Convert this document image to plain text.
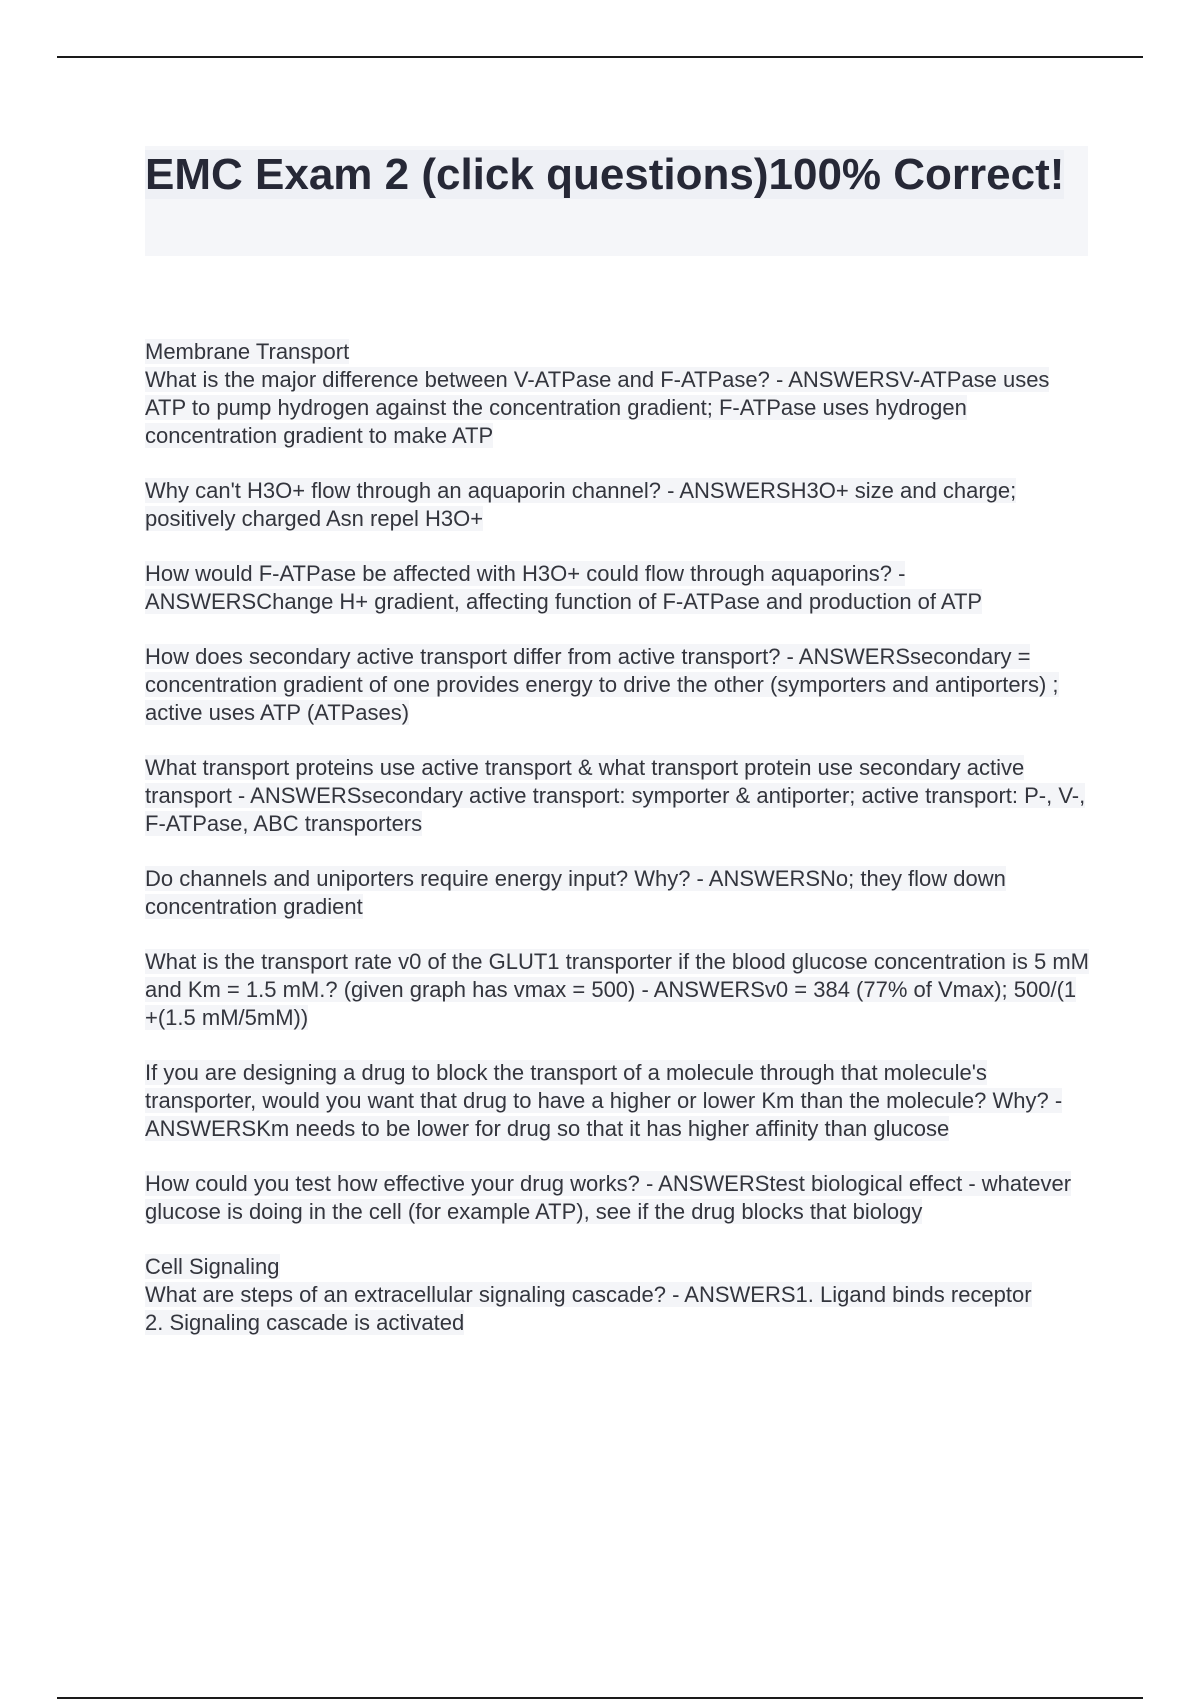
EMC Exam 2 (click questions)100% Correct!
Membrane Transport

What is the major difference between V-ATPase and F-ATPase? - ANSWERSV-ATPase uses ATP to pump hydrogen against the concentration gradient; F-ATPase uses hydrogen concentration gradient to make ATP

Why can't H3O+ flow through an aquaporin channel? - ANSWERSH3O+ size and charge; positively charged Asn repel H3O+

How would F-ATPase be affected with H3O+ could flow through aquaporins? - ANSWERSChange H+ gradient, affecting function of F-ATPase and production of ATP

How does secondary active transport differ from active transport? - ANSWERSsecondary = concentration gradient of one provides energy to drive the other (symporters and antiporters) ; active uses ATP (ATPases)

What transport proteins use active transport & what transport protein use secondary active transport - ANSWERSsecondary active transport: symporter & antiporter; active transport: P-, V-, F-ATPase, ABC transporters

Do channels and uniporters require energy input? Why? - ANSWERSNo; they flow down concentration gradient

What is the transport rate v0 of the GLUT1 transporter if the blood glucose concentration is 5 mM and Km = 1.5 mM.? (given graph has vmax = 500) - ANSWERSv0 = 384 (77% of Vmax); 500/(1 +(1.5 mM/5mM))

If you are designing a drug to block the transport of a molecule through that molecule's transporter, would you want that drug to have a higher or lower Km than the molecule? Why? - ANSWERSKm needs to be lower for drug so that it has higher affinity than glucose

How could you test how effective your drug works? - ANSWERStest biological effect - whatever glucose is doing in the cell (for example ATP), see if the drug blocks that biology

Cell Signaling

What are steps of an extracellular signaling cascade? - ANSWERS1. Ligand binds receptor

2. Signaling cascade is activated
